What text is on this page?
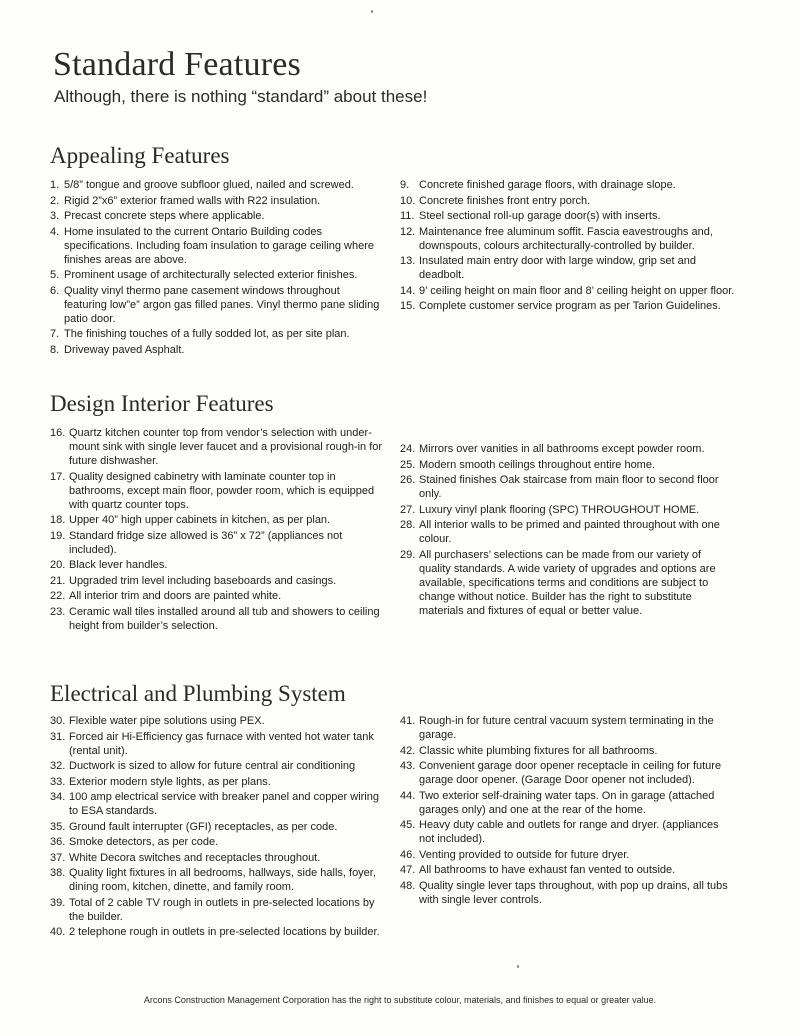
Standard Features

Although, there is nothing “standard” about these!

Appealing Features
1. 5/8” tongue and groove subfloor glued, nailed and screwed.
2. Rigid 2”x6” exterior framed walls with R22 insulation.
3. Precast concrete steps where applicable.
4. Home insulated to the current Ontario Building codes specifications. Including foam insulation to garage ceiling where finishes areas are above.
5. Prominent usage of architecturally selected exterior finishes.
6. Quality vinyl thermo pane casement windows throughout featuring low”e” argon gas filled panes. Vinyl thermo pane sliding patio door.
7. The finishing touches of a fully sodded lot, as per site plan.
8. Driveway paved Asphalt.
9. Concrete finished garage floors, with drainage slope.
10. Concrete finishes front entry porch.
11. Steel sectional roll-up garage door(s) with inserts.
12. Maintenance free aluminum soffit. Fascia eavestroughs and, downspouts, colours architecturally-controlled by builder.
13. Insulated main entry door with large window, grip set and deadbolt.
14. 9’ ceiling height on main floor and 8’ ceiling height on upper floor.
15. Complete customer service program as per Tarion Guidelines.
Design Interior Features
16. Quartz kitchen counter top from vendor’s selection with under-mount sink with single lever faucet and a provisional rough-in for future dishwasher.
17. Quality designed cabinetry with laminate counter top in bathrooms, except main floor, powder room, which is equipped with quartz counter tops.
18. Upper 40” high upper cabinets in kitchen, as per plan.
19. Standard fridge size allowed is 36” x 72” (appliances not included).
20. Black lever handles.
21. Upgraded trim level including baseboards and casings.
22. All interior trim and doors are painted white.
23. Ceramic wall tiles installed around all tub and showers to ceiling height from builder’s selection.
24. Mirrors over vanities in all bathrooms except powder room.
25. Modern smooth ceilings throughout entire home.
26. Stained finishes Oak staircase from main floor to second floor only.
27. Luxury vinyl plank flooring (SPC) THROUGHOUT HOME.
28. All interior walls to be primed and painted throughout with one colour.
29. All purchasers’ selections can be made from our variety of quality standards. A wide variety of upgrades and options are available, specifications terms and conditions are subject to change without notice. Builder has the right to substitute materials and fixtures of equal or better value.
Electrical and Plumbing System
30. Flexible water pipe solutions using PEX.
31. Forced air Hi-Efficiency gas furnace with vented hot water tank (rental unit).
32. Ductwork is sized to allow for future central air conditioning
33. Exterior modern style lights, as per plans.
34. 100 amp electrical service with breaker panel and copper wiring to ESA standards.
35. Ground fault interrupter (GFI) receptacles, as per code.
36. Smoke detectors, as per code.
37. White Decora switches and receptacles throughout.
38. Quality light fixtures in all bedrooms, hallways, side halls, foyer, dining room, kitchen, dinette, and family room.
39. Total of 2 cable TV rough in outlets in pre-selected locations by the builder.
40. 2 telephone rough in outlets in pre-selected locations by builder.
41. Rough-in for future central vacuum system terminating in the garage.
42. Classic white plumbing fixtures for all bathrooms.
43. Convenient garage door opener receptacle in ceiling for future garage door opener. (Garage Door opener not included).
44. Two exterior self-draining water taps. On in garage (attached garages only) and one at the rear of the home.
45. Heavy duty cable and outlets for range and dryer. (appliances not included).
46. Venting provided to outside for future dryer.
47. All bathrooms to have exhaust fan vented to outside.
48. Quality single lever taps throughout, with pop up drains, all tubs with single lever controls.
Arcons Construction Management Corporation has the right to substitute colour, materials, and finishes to equal or greater value.
